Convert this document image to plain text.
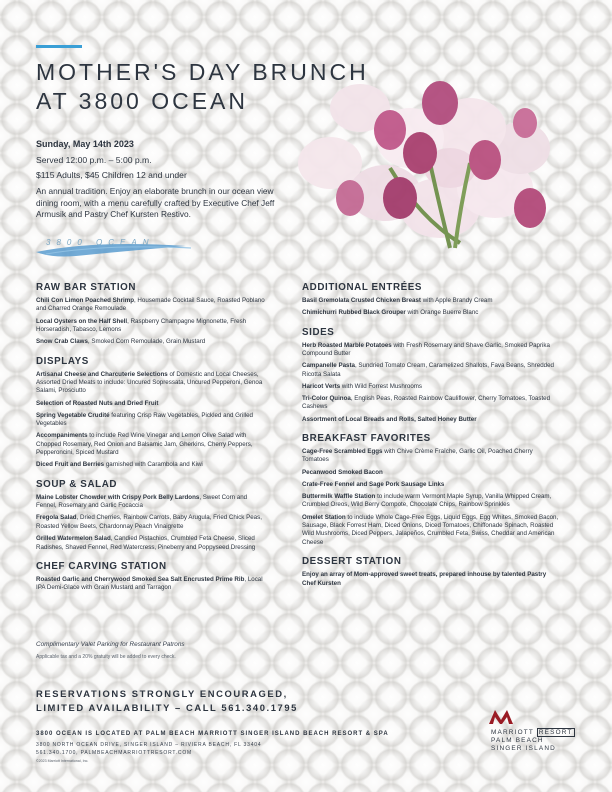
MOTHER'S DAY BRUNCH
AT 3800 OCEAN
Sunday, May 14th 2023
Served 12:00 p.m. – 5:00 p.m.
$115 Adults, $45 Children 12 and under
An annual tradition. Enjoy an elaborate brunch in our ocean view dining room, with a menu carefully crafted by Executive Chef Jeff Armusik and Pastry Chef Kursten Restivo.
3800 OCEAN
RAW BAR STATION
Chili Con Limon Poached Shrimp, Housemade Cocktail Sauce, Roasted Poblano and Charred Orange Remoulade
Local Oysters on the Half Shell, Raspberry Champagne Mignonette, Fresh Horseradish, Tabasco, Lemons
Snow Crab Claws, Smoked Corn Remoulade, Grain Mustard
DISPLAYS
Artisanal Cheese and Charcuterie Selections of Domestic and Local Cheeses, Assorted Dried Meats to include: Uncured Sopressata, Uncured Pepperoni, Genoa Salami, Prosciutto
Selection of Roasted Nuts and Dried Fruit
Spring Vegetable Crudité featuring Crisp Raw Vegetables, Pickled and Grilled Vegetables
Accompaniments to include Red Wine Vinegar and Lemon Olive Salad with Chopped Rosemary, Red Onion and Balsamic Jam, Gherkins, Cherry Peppers, Pepperoncini, Spiced Mustard
Diced Fruit and Berries garnished with Carambola and Kiwi
SOUP & SALAD
Maine Lobster Chowder with Crispy Pork Belly Lardons, Sweet Corn and Fennel, Rosemary and Garlic Focaccia
Fregola Salad, Dried Cherries, Rainbow Carrots, Baby Arugula, Fried Chick Peas, Roasted Yellow Beets, Chardonnay Peach Vinaigrette
Grilled Watermelon Salad, Candied Pistachios, Crumbled Feta Cheese, Sliced Radishes, Shaved Fennel, Red Watercress, Pineberry and Poppyseed Dressing
CHEF CARVING STATION
Roasted Garlic and Cherrywood Smoked Sea Salt Encrusted Prime Rib, Local IPA Demi-Glace with Grain Mustard and Tarragon
ADDITIONAL ENTRÉES
Basil Gremolata Crusted Chicken Breast with Apple Brandy Cream
Chimichurri Rubbed Black Grouper with Orange Buerre Blanc
SIDES
Herb Roasted Marble Potatoes with Fresh Rosemary and Shave Garlic, Smoked Paprika Compound Butter
Campanelle Pasta, Sundried Tomato Cream, Caramelized Shallots, Fava Beans, Shredded Ricotta Salata
Haricot Verts with Wild Forrest Mushrooms
Tri-Color Quinoa, English Peas, Roasted Rainbow Cauliflower, Cherry Tomatoes, Toasted Cashews
Assortment of Local Breads and Rolls, Salted Honey Butter
BREAKFAST FAVORITES
Cage-Free Scrambled Eggs with Chive Crème Fraîche, Garlic Oil, Poached Cherry Tomatoes
Pecanwood Smoked Bacon
Crate-Free Fennel and Sage Pork Sausage Links
Buttermilk Waffle Station to include warm Vermont Maple Syrup, Vanilla Whipped Cream, Crumbled Oreos, Wild Berry Compote, Chocolate Chips, Rainbow Sprinkles
Omelet Station to include Whole Cage-Free Eggs, Liquid Eggs, Egg Whites, Smoked Bacon, Sausage, Black Forrest Ham, Diced Onions, Diced Tomatoes, Chiffonade Spinach, Roasted Wild Mushrooms, Diced Peppers, Jalapeños, Crumbled Feta, Swiss, Cheddar and American Cheese
DESSERT STATION
Enjoy an array of Mom-approved sweet treats, prepared inhouse by talented Pastry Chef Kursten
Complimentary Valet Parking for Restaurant Patrons
Applicable tax and a 20% gratuity will be added to every check.
RESERVATIONS STRONGLY ENCOURAGED,
LIMITED AVAILABILITY – CALL 561.340.1795
3800 OCEAN IS LOCATED AT PALM BEACH MARRIOTT SINGER ISLAND BEACH RESORT & SPA
3800 NORTH OCEAN DRIVE, SINGER ISLAND – RIVIERA BEACH, FL 33404
561.340.1700, PALMBEACHMARRIOTTRESORT.COM
©2023 Marriott International, Inc.
MARRIOTT RESORT
PALM BEACH
SINGER ISLAND
